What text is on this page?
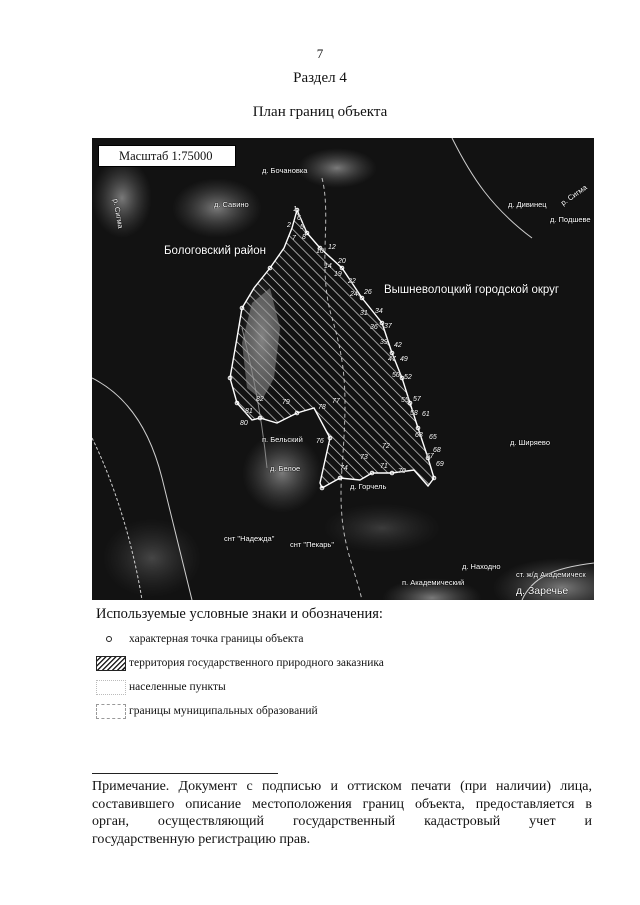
7
Раздел 4
План границ объекта
Масштаб 1:75000
д. Бочановка
д. Савино	д. Дивинец
д. Подшеве
р. Сигма
р. Сигма
Бологовский район
Вышневолоцкий городской округ
п. Бельский
д. Белое
д. Ширяево
д. Горчель
снт "Надежда"
снт "Пекарь"
д. Находно
п. Академический
ст. ж/д Академическ
д. Заречье
1
2 5
6
7 8
10
12
14
20
19
22
24 26
31 34
36 37
39 42
47 49
50 52
55 57
58 61
63 65
67
68
69
70
71
72
73
74
76
77
78
79
80
81
82
Используемые условные знаки и обозначения:
характерная точка границы объекта
территория государственного природного заказника
населенные пункты
границы муниципальных образований
Примечание. Документ с подписью и оттиском печати (при наличии) лица,
составившего описание местоположения границ объекта, предоставляется в
орган, осуществляющий государственный кадастровый учет и
государственную регистрацию прав.
